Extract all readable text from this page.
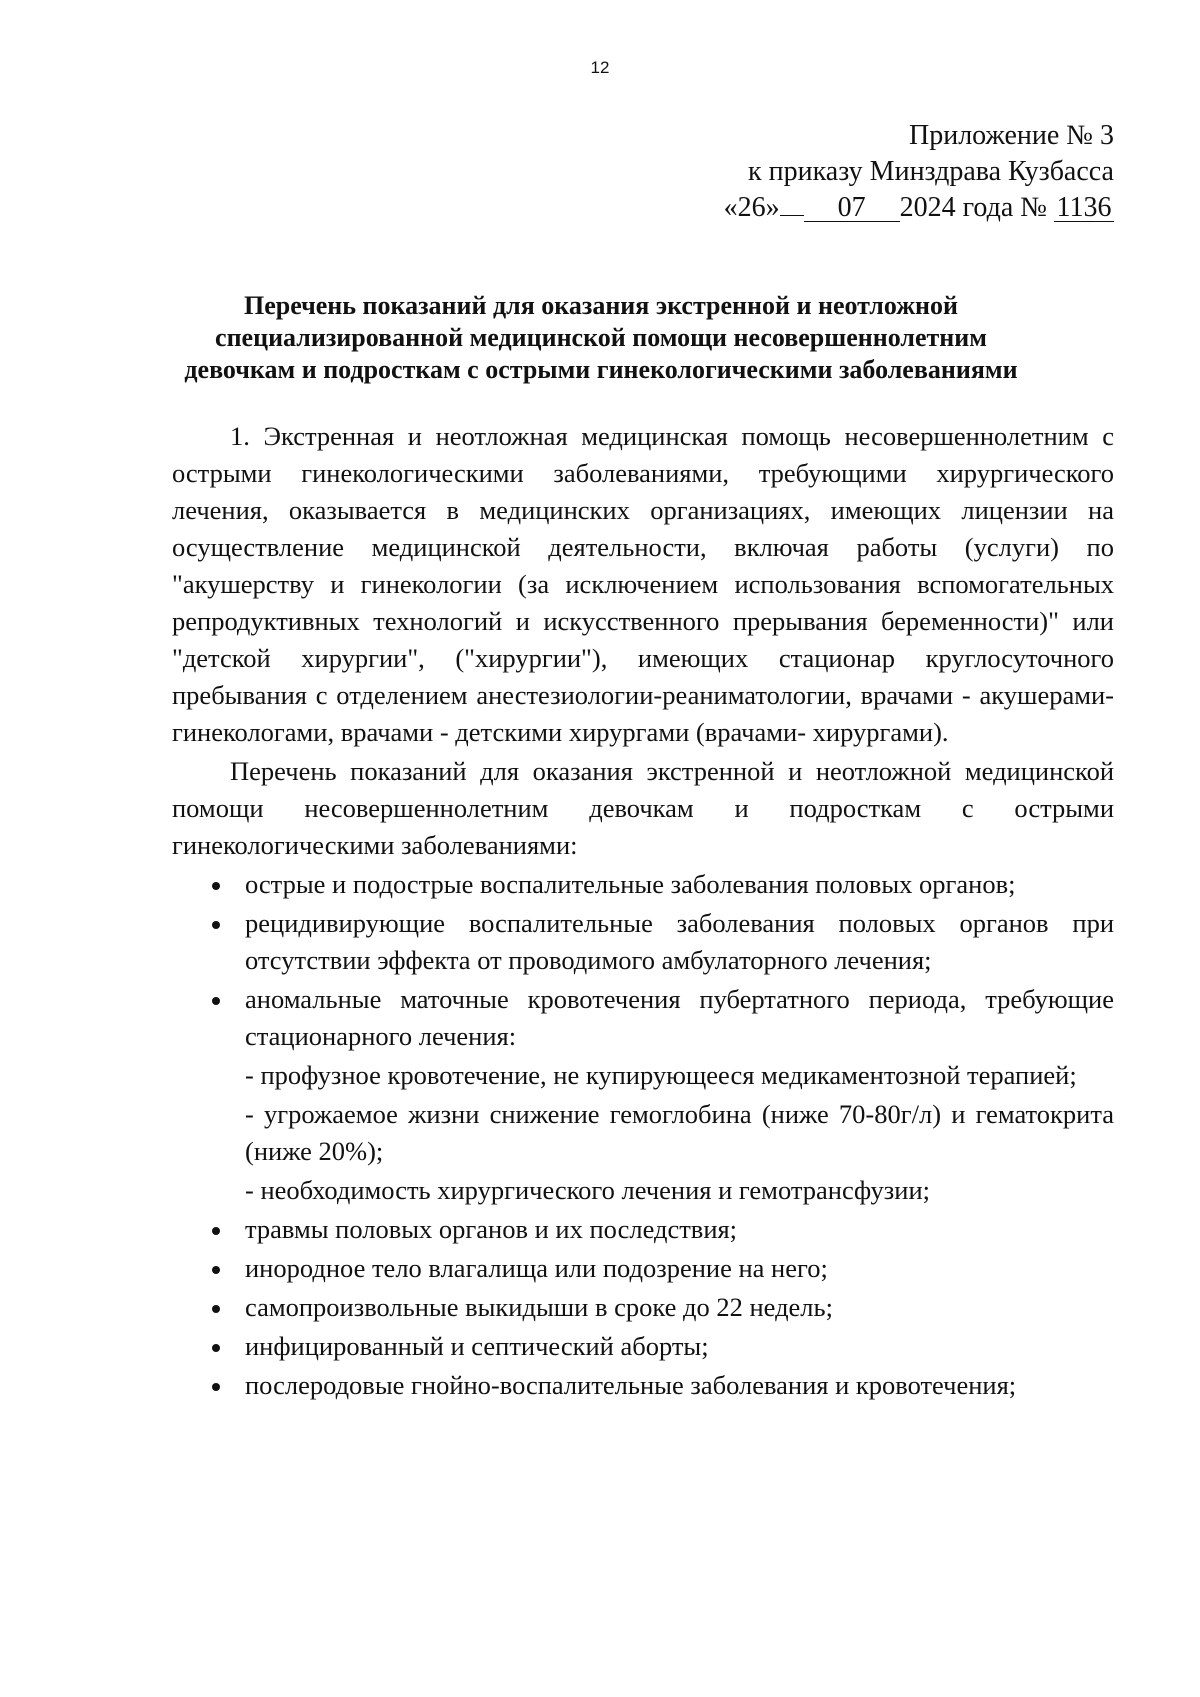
12
Приложение № 3
к приказу Минздрава Кузбасса
«26» 07 2024 года № 1136
Перечень показаний для оказания экстренной и неотложной
специализированной медицинской помощи несовершеннолетним
девочкам и подросткам с острыми гинекологическими заболеваниями

1. Экстренная и неотложная медицинская помощь несовершеннолетним с острыми гинекологическими заболеваниями, требующими хирургического лечения, оказывается в медицинских организациях, имеющих лицензии на осуществление медицинской деятельности, включая работы (услуги) по "акушерству и гинекологии (за исключением использования вспомогательных репродуктивных технологий и искусственного прерывания беременности)" или "детской хирургии", ("хирургии"), имеющих стационар круглосуточного пребывания с отделением анестезиологии-реаниматологии, врачами - акушерами-гинекологами, врачами - детскими хирургами (врачами- хирургами).

Перечень показаний для оказания экстренной и неотложной медицинской помощи несовершеннолетним девочкам и подросткам с острыми гинекологическими заболеваниями:

острые и подострые воспалительные заболевания половых органов;
рецидивирующие воспалительные заболевания половых органов при отсутствии эффекта от проводимого амбулаторного лечения;
аномальные маточные кровотечения пубертатного периода, требующие стационарного лечения:
- профузное кровотечение, не купирующееся медикаментозной терапией;
- угрожаемое жизни снижение гемоглобина (ниже 70-80г/л) и гематокрита (ниже 20%);
- необходимость хирургического лечения и гемотрансфузии;
травмы половых органов и их последствия;
инородное тело влагалища или подозрение на него;
самопроизвольные выкидыши в сроке до 22 недель;
инфицированный и септический аборты;
послеродовые гнойно-воспалительные заболевания и кровотечения;
